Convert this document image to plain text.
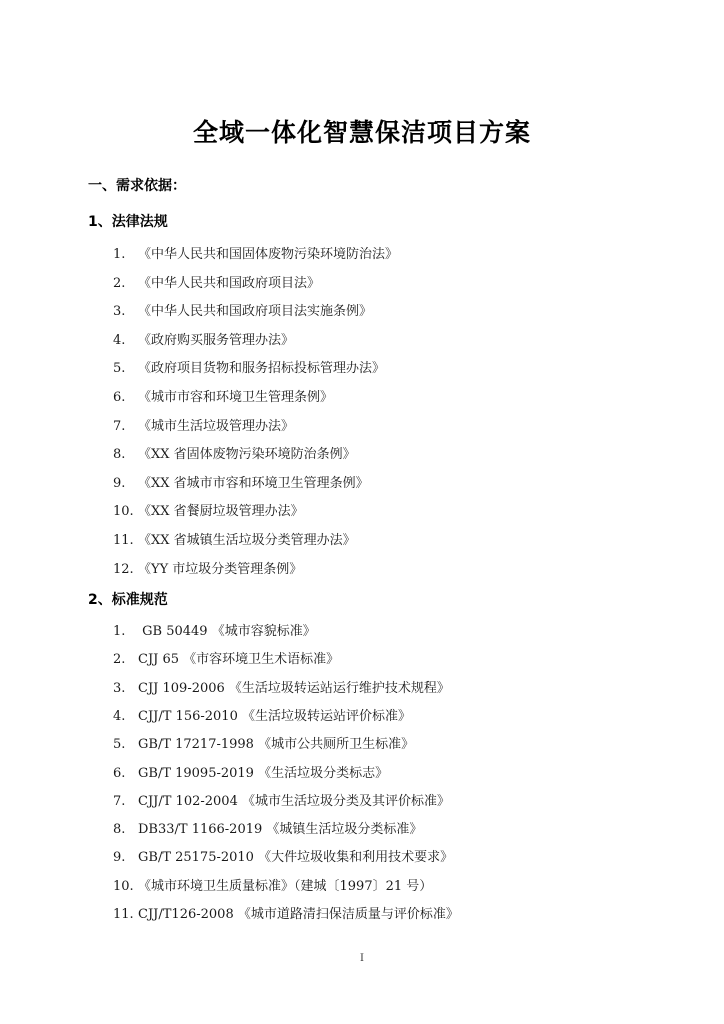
全域一体化智慧保洁项目方案
一、需求依据：
1、法律法规
1. 《中华人民共和国固体废物污染环境防治法》
2. 《中华人民共和国政府项目法》
3. 《中华人民共和国政府项目法实施条例》
4. 《政府购买服务管理办法》
5. 《政府项目货物和服务招标投标管理办法》
6. 《城市市容和环境卫生管理条例》
7. 《城市生活垃圾管理办法》
8. 《XX 省固体废物污染环境防治条例》
9. 《XX 省城市市容和环境卫生管理条例》
10. 《XX 省餐厨垃圾管理办法》
11. 《XX 省城镇生活垃圾分类管理办法》
12. 《YY 市垃圾分类管理条例》
2、标准规范
1. GB 50449 《城市容貌标准》
2. CJJ 65 《市容环境卫生术语标准》
3. CJJ 109-2006 《生活垃圾转运站运行维护技术规程》
4. CJJ/T 156-2010 《生活垃圾转运站评价标准》
5. GB/T 17217-1998 《城市公共厕所卫生标准》
6. GB/T 19095-2019 《生活垃圾分类标志》
7. CJJ/T 102-2004 《城市生活垃圾分类及其评价标准》
8. DB33/T 1166-2019 《城镇生活垃圾分类标准》
9. GB/T 25175-2010 《大件垃圾收集和利用技术要求》
10. 《城市环境卫生质量标准》（建城〔1997〕21 号）
11. CJJ/T126-2008 《城市道路清扫保洁质量与评价标准》
I
